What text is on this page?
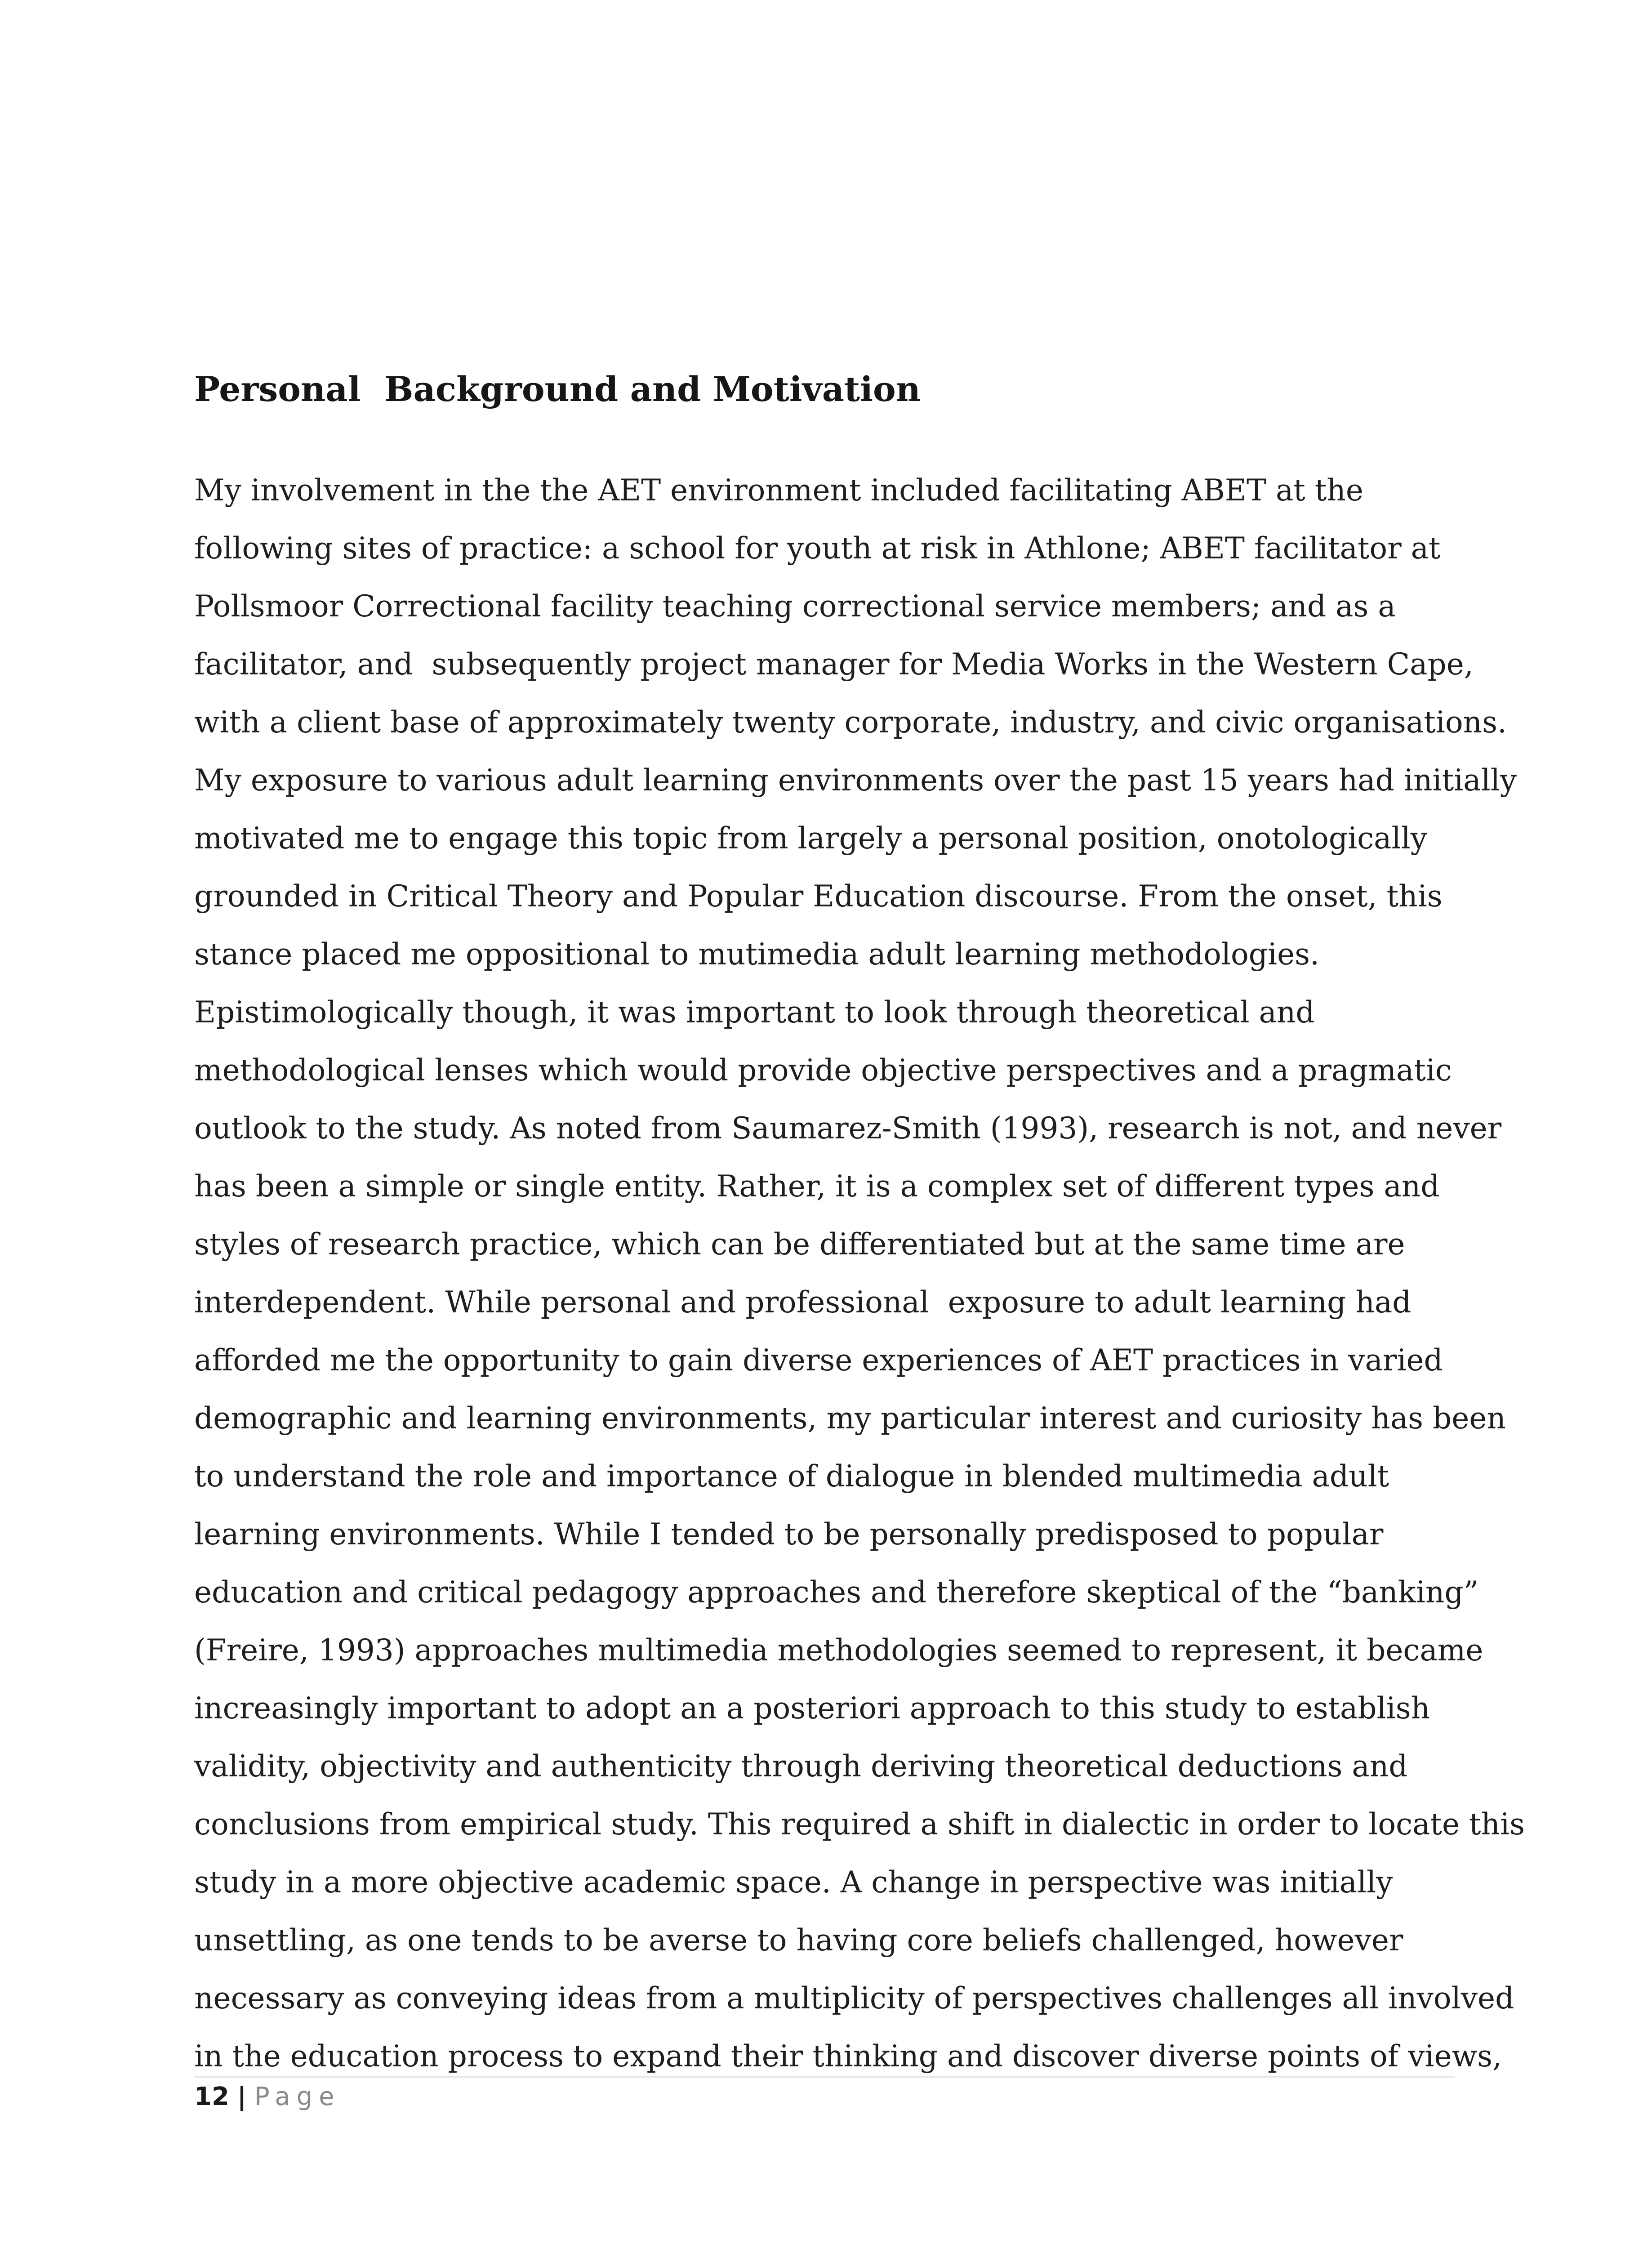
Personal  Background and Motivation
My involvement in the the AET environment included facilitating ABET at the
following sites of practice: a school for youth at risk in Athlone; ABET facilitator at
Pollsmoor Correctional facility teaching correctional service members; and as a
facilitator, and  subsequently project manager for Media Works in the Western Cape,
with a client base of approximately twenty corporate, industry, and civic organisations.
My exposure to various adult learning environments over the past 15 years had initially
motivated me to engage this topic from largely a personal position, onotologically
grounded in Critical Theory and Popular Education discourse. From the onset, this
stance placed me oppositional to mutimedia adult learning methodologies.
Epistimologically though, it was important to look through theoretical and
methodological lenses which would provide objective perspectives and a pragmatic
outlook to the study. As noted from Saumarez-Smith (1993), research is not, and never
has been a simple or single entity. Rather, it is a complex set of different types and
styles of research practice, which can be differentiated but at the same time are
interdependent. While personal and professional  exposure to adult learning had
afforded me the opportunity to gain diverse experiences of AET practices in varied
demographic and learning environments, my particular interest and curiosity has been
to understand the role and importance of dialogue in blended multimedia adult
learning environments. While I tended to be personally predisposed to popular
education and critical pedagogy approaches and therefore skeptical of the “banking”
(Freire, 1993) approaches multimedia methodologies seemed to represent, it became
increasingly important to adopt an a posteriori approach to this study to establish
validity, objectivity and authenticity through deriving theoretical deductions and
conclusions from empirical study. This required a shift in dialectic in order to locate this
study in a more objective academic space. A change in perspective was initially
unsettling, as one tends to be averse to having core beliefs challenged, however
necessary as conveying ideas from a multiplicity of perspectives challenges all involved
in the education process to expand their thinking and discover diverse points of views,
12 | Page
